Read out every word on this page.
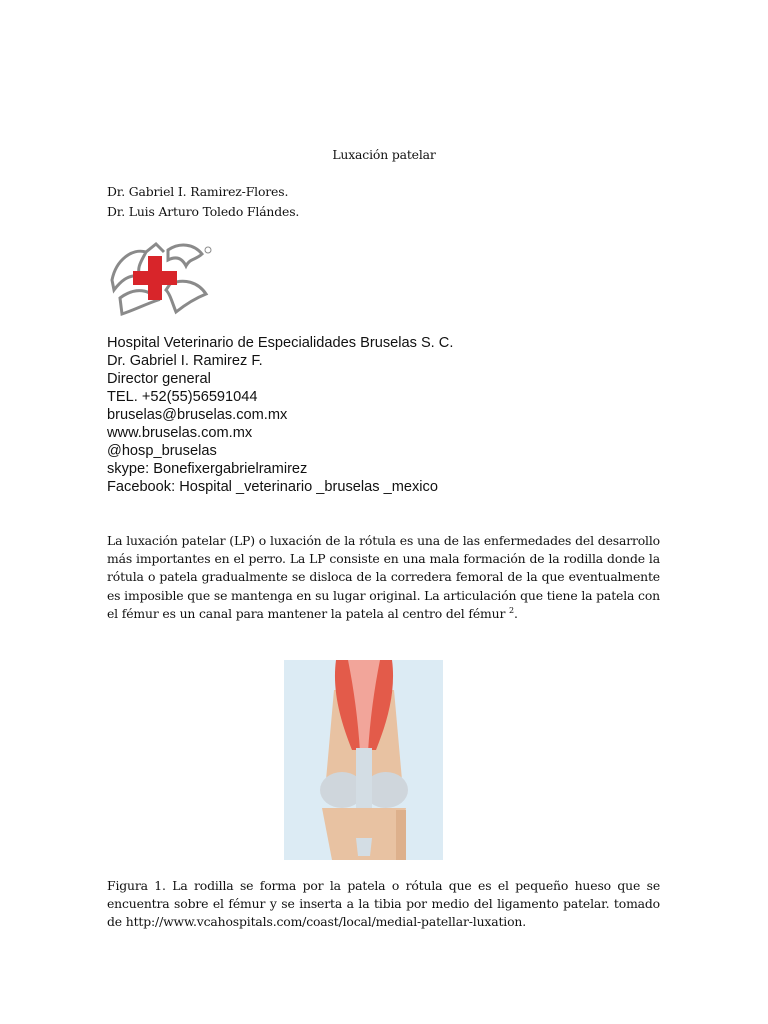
Luxación patelar
Dr. Gabriel I. Ramirez-Flores.
Dr. Luis Arturo Toledo Flándes.
Hospital Veterinario de Especialidades Bruselas S. C.
Dr. Gabriel I. Ramirez F.
Director general
TEL. +52(55)56591044
bruselas@bruselas.com.mx
www.bruselas.com.mx
@hosp_bruselas
skype: Bonefixergabrielramirez
Facebook: Hospital _veterinario _bruselas _mexico

La luxación patelar (LP) o luxación de la rótula es una de las enfermedades del desarrollo más importantes en el perro. La LP consiste en una mala formación de la rodilla donde la rótula o patela gradualmente se disloca de la corredera femoral de la que eventualmente es imposible que se mantenga en su lugar original. La articulación que tiene la patela con el fémur es un canal para mantener la patela al centro del fémur $^2$.

Figura 1. La rodilla se forma por la patela o rótula que es el pequeño hueso que se encuentra sobre el fémur y se inserta a la tibia por medio del ligamento patelar. tomado de http://www.vcahospitals.com/coast/local/medial-patellar-luxation.
